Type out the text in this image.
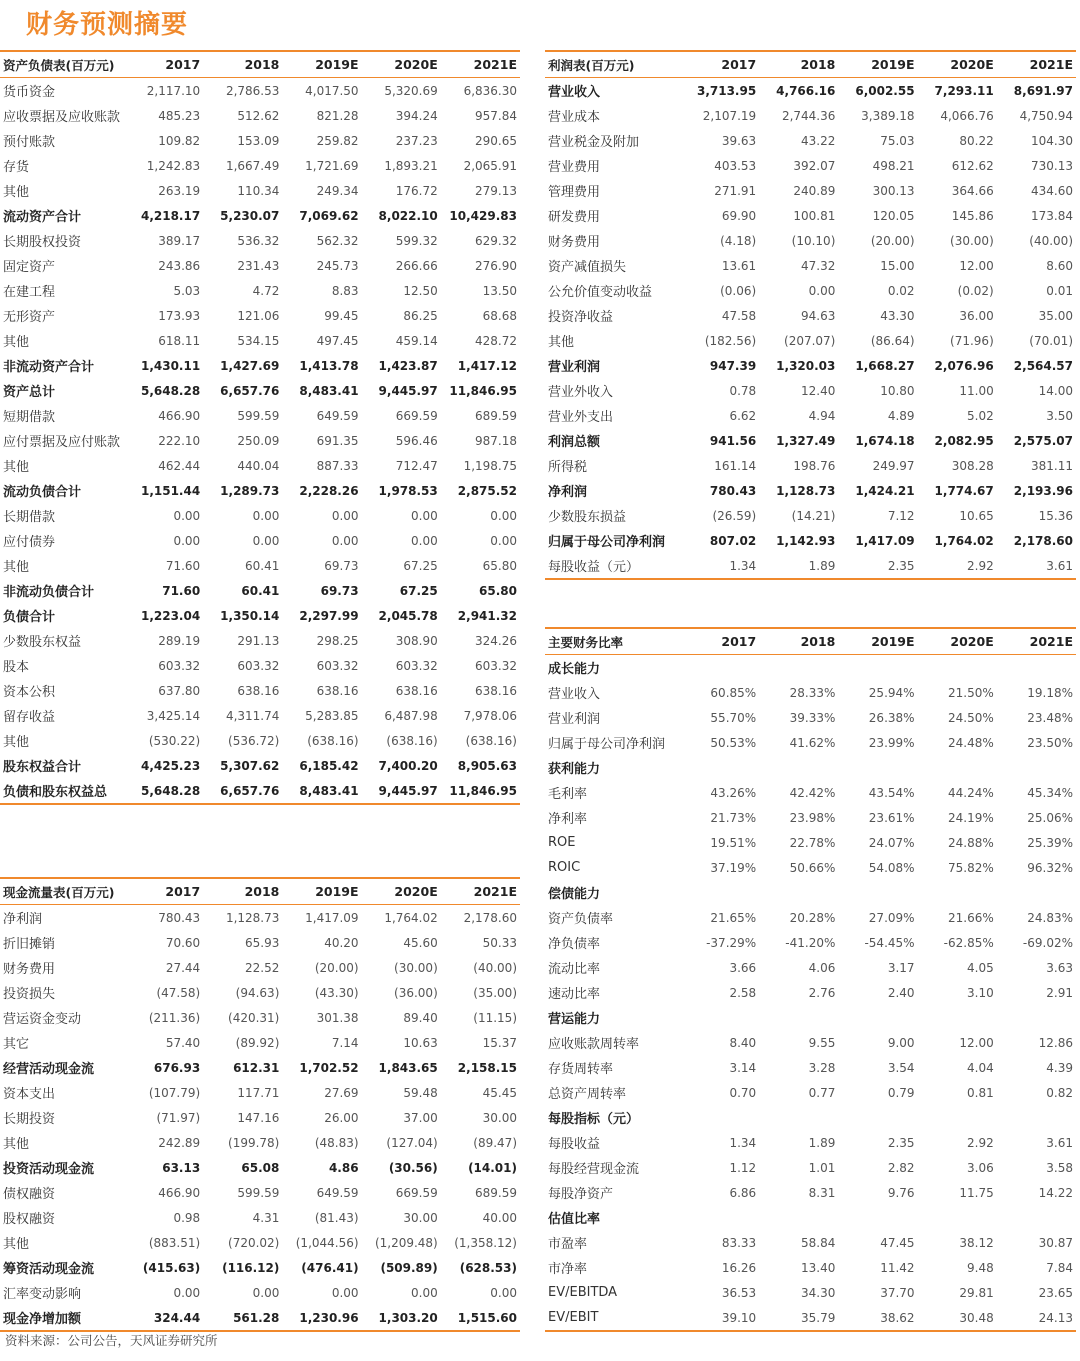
财务预测摘要
资产负债表(百万元)	2017	2018	2019E	2020E	2021E
货币资金	2,117.10	2,786.53	4,017.50	5,320.69	6,836.30
应收票据及应收账款	485.23	512.62	821.28	394.24	957.84
预付账款	109.82	153.09	259.82	237.23	290.65
存货	1,242.83	1,667.49	1,721.69	1,893.21	2,065.91
其他	263.19	110.34	249.34	176.72	279.13
流动资产合计	4,218.17	5,230.07	7,069.62	8,022.10	10,429.83
长期股权投资	389.17	536.32	562.32	599.32	629.32
固定资产	243.86	231.43	245.73	266.66	276.90
在建工程	5.03	4.72	8.83	12.50	13.50
无形资产	173.93	121.06	99.45	86.25	68.68
其他	618.11	534.15	497.45	459.14	428.72
非流动资产合计	1,430.11	1,427.69	1,413.78	1,423.87	1,417.12
资产总计	5,648.28	6,657.76	8,483.41	9,445.97	11,846.95
短期借款	466.90	599.59	649.59	669.59	689.59
应付票据及应付账款	222.10	250.09	691.35	596.46	987.18
其他	462.44	440.04	887.33	712.47	1,198.75
流动负债合计	1,151.44	1,289.73	2,228.26	1,978.53	2,875.52
长期借款	0.00	0.00	0.00	0.00	0.00
应付债券	0.00	0.00	0.00	0.00	0.00
其他	71.60	60.41	69.73	67.25	65.80
非流动负债合计	71.60	60.41	69.73	67.25	65.80
负债合计	1,223.04	1,350.14	2,297.99	2,045.78	2,941.32
少数股东权益	289.19	291.13	298.25	308.90	324.26
股本	603.32	603.32	603.32	603.32	603.32
资本公积	637.80	638.16	638.16	638.16	638.16
留存收益	3,425.14	4,311.74	5,283.85	6,487.98	7,978.06
其他	(530.22)	(536.72)	(638.16)	(638.16)	(638.16)
股东权益合计	4,425.23	5,307.62	6,185.42	7,400.20	8,905.63
负债和股东权益总	5,648.28	6,657.76	8,483.41	9,445.97	11,846.95
现金流量表(百万元)	2017	2018	2019E	2020E	2021E
净利润	780.43	1,128.73	1,417.09	1,764.02	2,178.60
折旧摊销	70.60	65.93	40.20	45.60	50.33
财务费用	27.44	22.52	(20.00)	(30.00)	(40.00)
投资损失	(47.58)	(94.63)	(43.30)	(36.00)	(35.00)
营运资金变动	(211.36)	(420.31)	301.38	89.40	(11.15)
其它	57.40	(89.92)	7.14	10.63	15.37
经营活动现金流	676.93	612.31	1,702.52	1,843.65	2,158.15
资本支出	(107.79)	117.71	27.69	59.48	45.45
长期投资	(71.97)	147.16	26.00	37.00	30.00
其他	242.89	(199.78)	(48.83)	(127.04)	(89.47)
投资活动现金流	63.13	65.08	4.86	(30.56)	(14.01)
债权融资	466.90	599.59	649.59	669.59	689.59
股权融资	0.98	4.31	(81.43)	30.00	40.00
其他	(883.51)	(720.02)	(1,044.56)	(1,209.48)	(1,358.12)
筹资活动现金流	(415.63)	(116.12)	(476.41)	(509.89)	(628.53)
汇率变动影响	0.00	0.00	0.00	0.00	0.00
现金净增加额	324.44	561.28	1,230.96	1,303.20	1,515.60
利润表(百万元)	2017	2018	2019E	2020E	2021E
营业收入	3,713.95	4,766.16	6,002.55	7,293.11	8,691.97
营业成本	2,107.19	2,744.36	3,389.18	4,066.76	4,750.94
营业税金及附加	39.63	43.22	75.03	80.22	104.30
营业费用	403.53	392.07	498.21	612.62	730.13
管理费用	271.91	240.89	300.13	364.66	434.60
研发费用	69.90	100.81	120.05	145.86	173.84
财务费用	(4.18)	(10.10)	(20.00)	(30.00)	(40.00)
资产减值损失	13.61	47.32	15.00	12.00	8.60
公允价值变动收益	(0.06)	0.00	0.02	(0.02)	0.01
投资净收益	47.58	94.63	43.30	36.00	35.00
其他	(182.56)	(207.07)	(86.64)	(71.96)	(70.01)
营业利润	947.39	1,320.03	1,668.27	2,076.96	2,564.57
营业外收入	0.78	12.40	10.80	11.00	14.00
营业外支出	6.62	4.94	4.89	5.02	3.50
利润总额	941.56	1,327.49	1,674.18	2,082.95	2,575.07
所得税	161.14	198.76	249.97	308.28	381.11
净利润	780.43	1,128.73	1,424.21	1,774.67	2,193.96
少数股东损益	(26.59)	(14.21)	7.12	10.65	15.36
归属于母公司净利润	807.02	1,142.93	1,417.09	1,764.02	2,178.60
每股收益（元）	1.34	1.89	2.35	2.92	3.61
主要财务比率	2017	2018	2019E	2020E	2021E
成长能力					
营业收入	60.85%	28.33%	25.94%	21.50%	19.18%
营业利润	55.70%	39.33%	26.38%	24.50%	23.48%
归属于母公司净利润	50.53%	41.62%	23.99%	24.48%	23.50%
获利能力					
毛利率	43.26%	42.42%	43.54%	44.24%	45.34%
净利率	21.73%	23.98%	23.61%	24.19%	25.06%
ROE	19.51%	22.78%	24.07%	24.88%	25.39%
ROIC	37.19%	50.66%	54.08%	75.82%	96.32%
偿债能力					
资产负债率	21.65%	20.28%	27.09%	21.66%	24.83%
净负债率	-37.29%	-41.20%	-54.45%	-62.85%	-69.02%
流动比率	3.66	4.06	3.17	4.05	3.63
速动比率	2.58	2.76	2.40	3.10	2.91
营运能力					
应收账款周转率	8.40	9.55	9.00	12.00	12.86
存货周转率	3.14	3.28	3.54	4.04	4.39
总资产周转率	0.70	0.77	0.79	0.81	0.82
每股指标（元）					
每股收益	1.34	1.89	2.35	2.92	3.61
每股经营现金流	1.12	1.01	2.82	3.06	3.58
每股净资产	6.86	8.31	9.76	11.75	14.22
估值比率					
市盈率	83.33	58.84	47.45	38.12	30.87
市净率	16.26	13.40	11.42	9.48	7.84
EV/EBITDA	36.53	34.30	37.70	29.81	23.65
EV/EBIT	39.10	35.79	38.62	30.48	24.13
资料来源：公司公告，天风证券研究所
